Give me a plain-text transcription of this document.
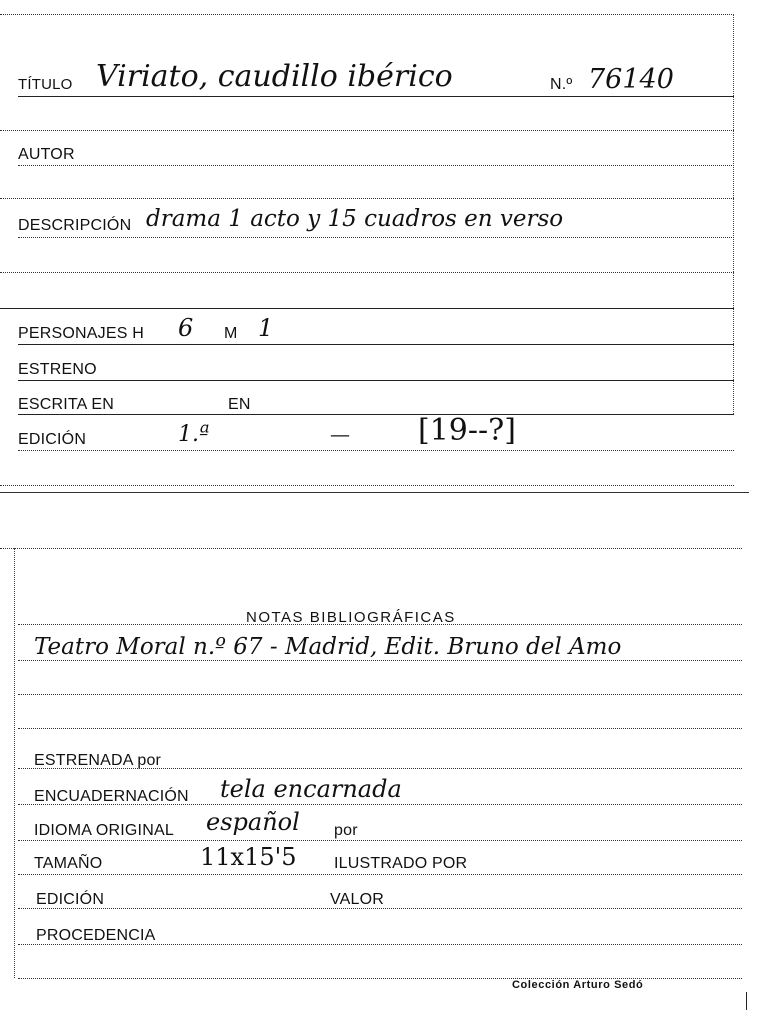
TÍTULO Viriato, caudillo ibérico	N.º 76140
AUTOR
DESCRIPCIÓN drama 1 acto y 15 cuadros en verso
PERSONAJES H 6 M 1
ESTRENO
ESCRITA EN	EN
EDICIÓN	1.ª	— [19--?]
NOTAS BIBLIOGRÁFICAS
Teatro Moral n.º 67 - Madrid, Edit. Bruno del Amo
ESTRENADA por
ENCUADERNACIÓN tela encarnada
IDIOMA ORIGINAL español por
TAMAÑO	11x15'5 ILUSTRADO POR
EDICIÓN	VALOR
PROCEDENCIA
Colección Arturo Sedó
